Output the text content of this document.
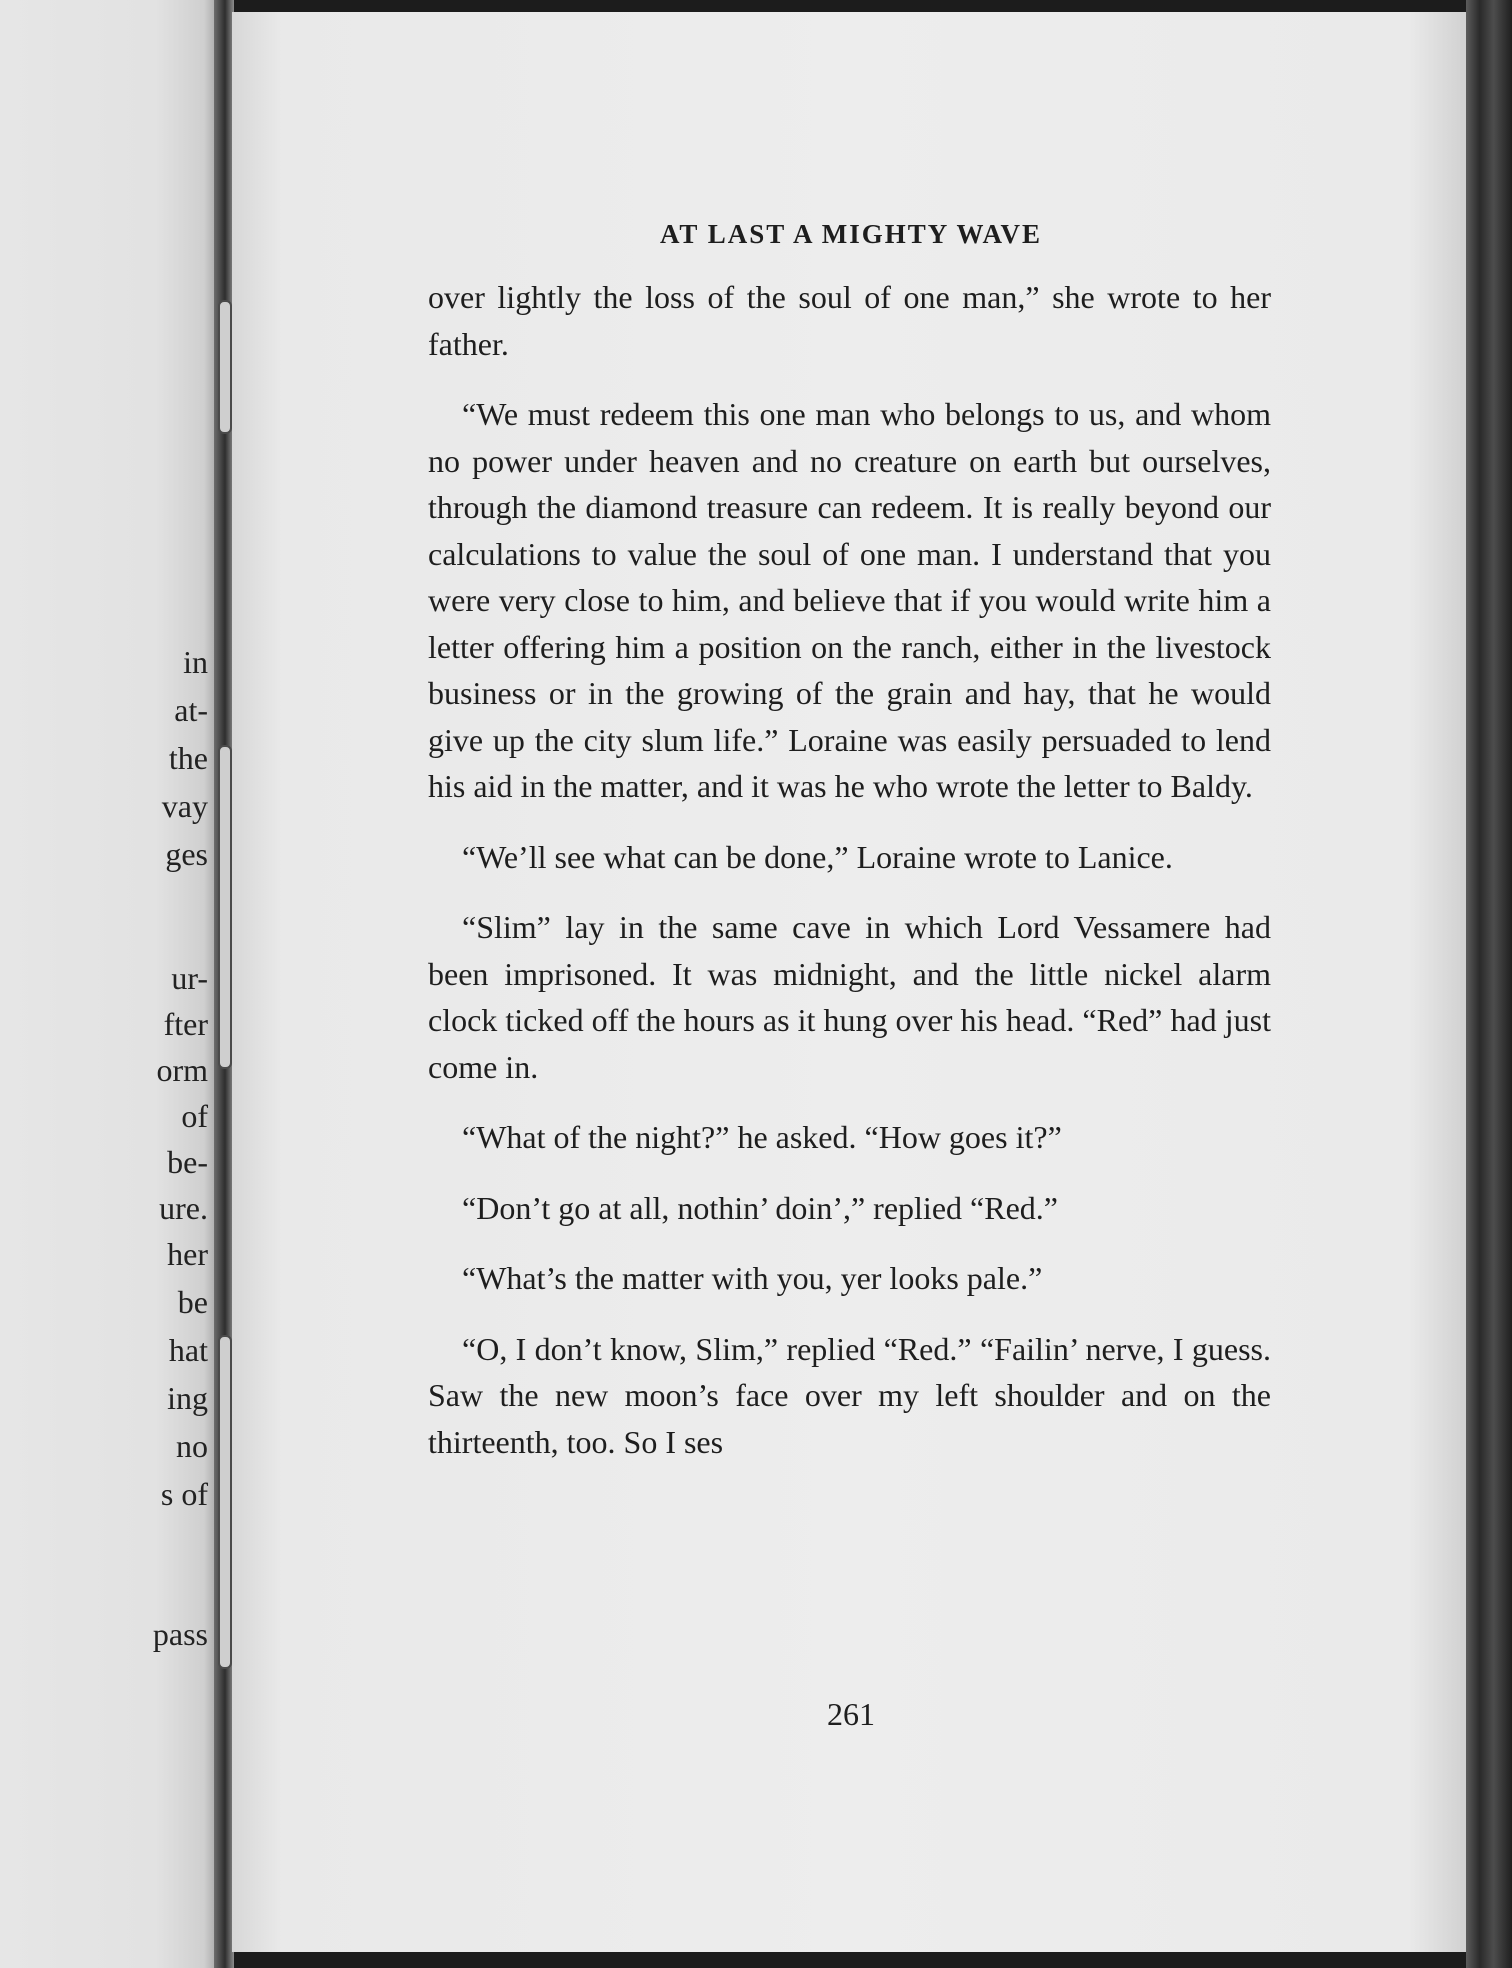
in
at-
the
vay
ges
ur-
fter
orm
of
be-
ure.
her
be
hat
ing
no
s of
pass
AT LAST A MIGHTY WAVE

over lightly the loss of the soul of one man,” she wrote to her father.

“We must redeem this one man who belongs to us, and whom no power under heaven and no creature on earth but ourselves, through the diamond treasure can redeem. It is really beyond our calculations to value the soul of one man. I understand that you were very close to him, and believe that if you would write him a letter offering him a position on the ranch, either in the livestock business or in the growing of the grain and hay, that he would give up the city slum life.” Loraine was easily persuaded to lend his aid in the matter, and it was he who wrote the letter to Baldy.

“We’ll see what can be done,” Loraine wrote to Lanice.

“Slim” lay in the same cave in which Lord Vessamere had been imprisoned. It was midnight, and the little nickel alarm clock ticked off the hours as it hung over his head. “Red” had just come in.

“What of the night?” he asked. “How goes it?”

“Don’t go at all, nothin’ doin’,” replied “Red.”

“What’s the matter with you, yer looks pale.”

“O, I don’t know, Slim,” replied “Red.” “Failin’ nerve, I guess. Saw the new moon’s face over my left shoulder and on the thirteenth, too. So I ses

261
